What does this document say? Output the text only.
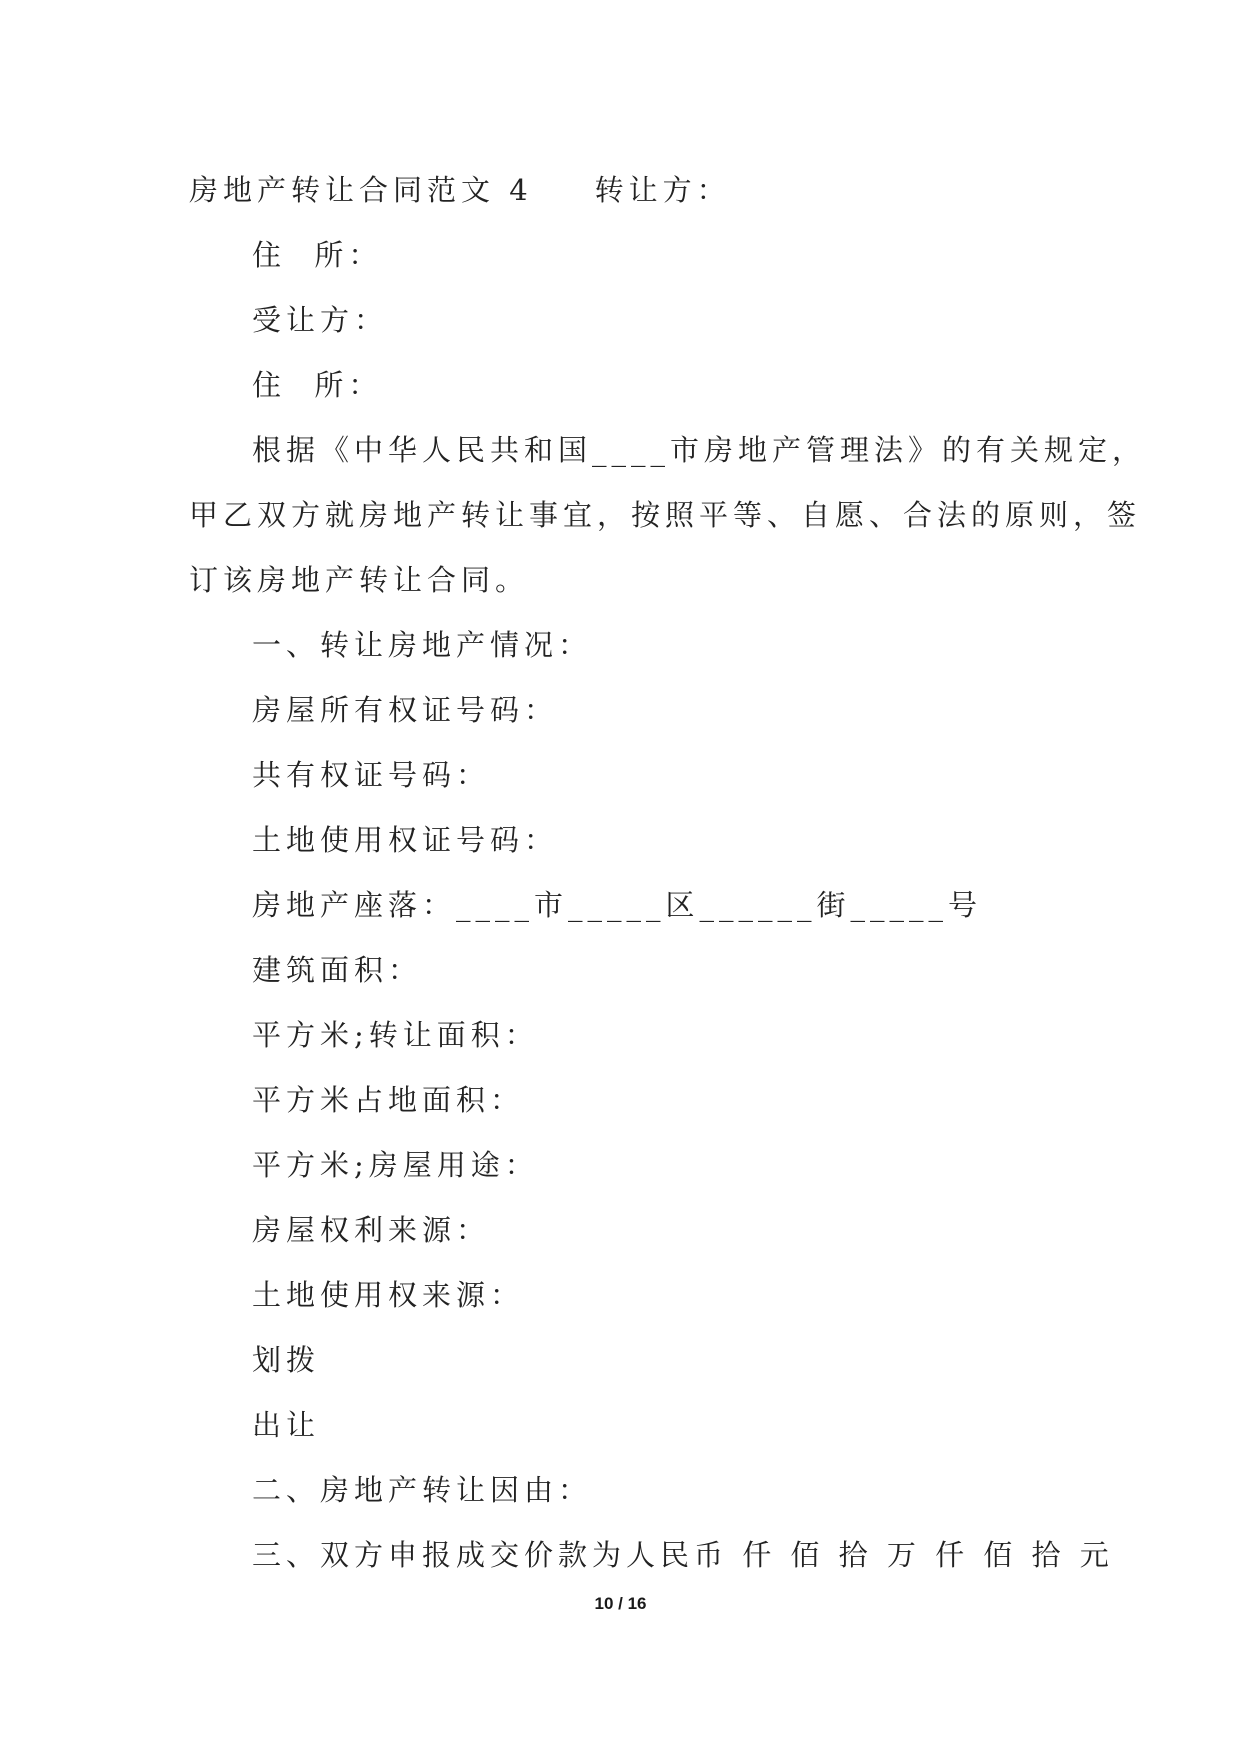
房地产转让合同范文 4 转让方：
住  所：
受让方：
住  所：
根据《中华人民共和国____市房地产管理法》的有关规定，
甲乙双方就房地产转让事宜，按照平等、自愿、合法的原则，签
订该房地产转让合同。
一、转让房地产情况：
房屋所有权证号码：
共有权证号码：
土地使用权证号码：
房地产座落：____市_____区______街_____号
建筑面积：
平方米;转让面积：
平方米占地面积：
平方米;房屋用途：
房屋权利来源：
土地使用权来源：
划拨
出让
二、房地产转让因由：
三、双方申报成交价款为人民币 仟 佰 拾 万 仟 佰 拾 元
10 / 16
